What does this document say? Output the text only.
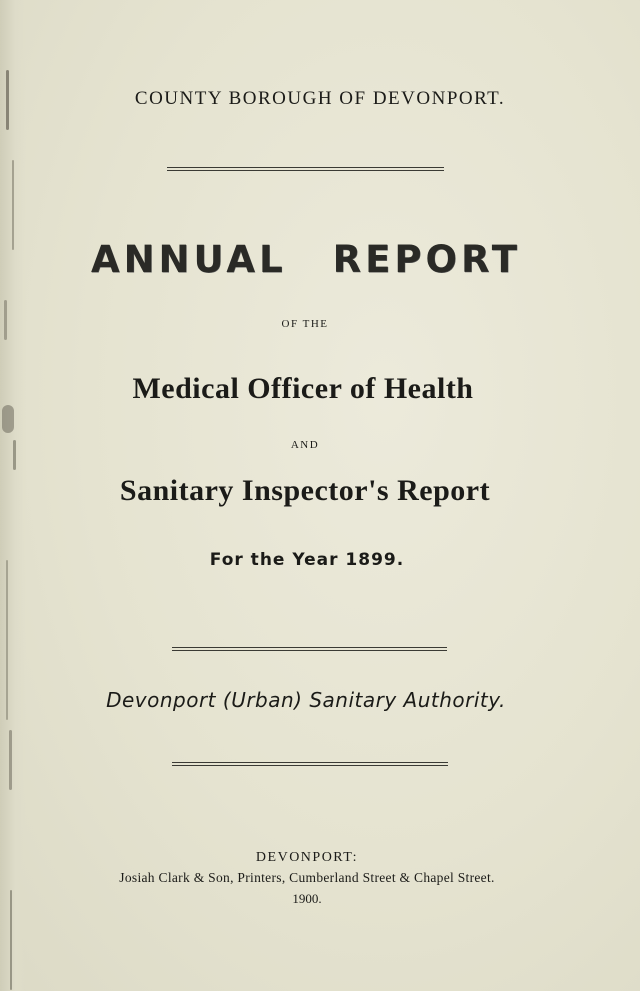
COUNTY BOROUGH OF DEVONPORT.
ANNUAL REPORT
OF THE
Medical Officer of Health
AND
Sanitary Inspector's Report
For the Year 1899.
Devonport (Urban) Sanitary Authority.
DEVONPORT:
Josiah Clark & Son, Printers, Cumberland Street & Chapel Street.
1900.
